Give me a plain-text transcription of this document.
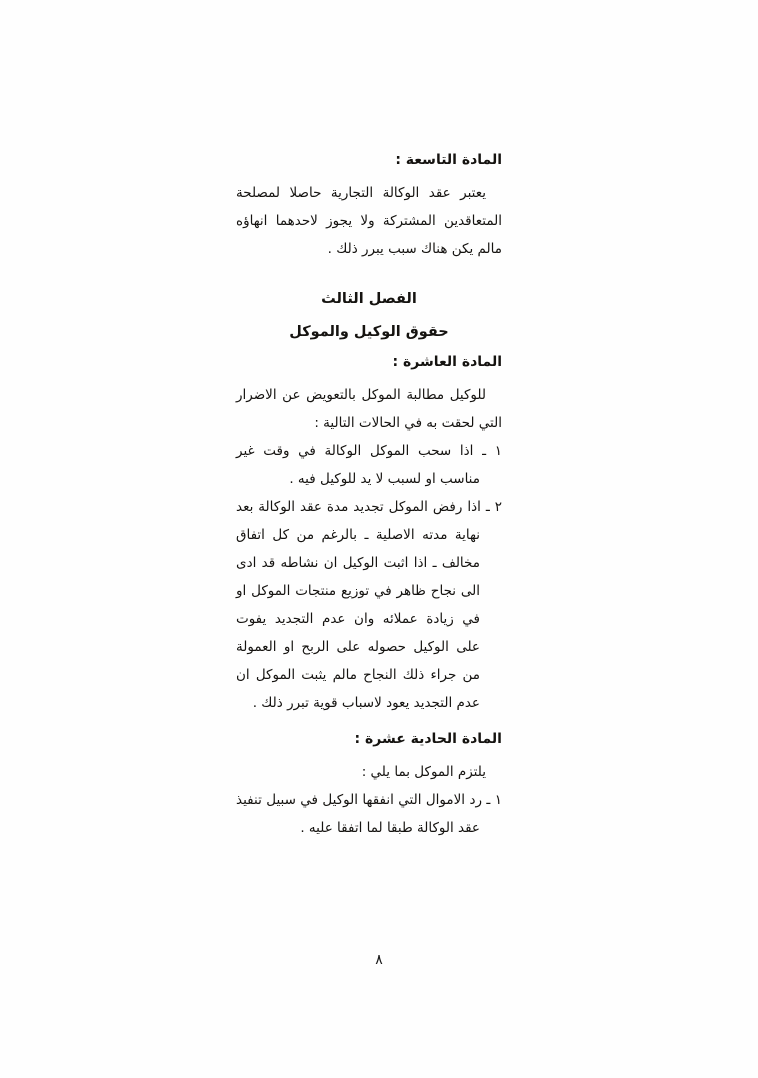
المادة التاسعة :

يعتبر عقد الوكالة التجارية حاصلا لمصلحة المتعاقدين المشتركة ولا يجوز لاحدهما انهاؤه مالم يكن هناك سبب يبرر ذلك .

الفصل الثالث
حقوق الوكيل والموكل
المادة العاشرة :

للوكيل مطالبة الموكل بالتعويض عن الاضرار التي لحقت به في الحالات التالية :

١ ـ اذا سحب الموكل الوكالة في وقت غير مناسب او لسبب لا يد للوكيل فيه .

٢ ـ اذا رفض الموكل تجديد مدة عقد الوكالة بعد نهاية مدته الاصلية ـ بالرغم من كل اتفاق مخالف ـ اذا اثبت الوكيل ان نشاطه قد ادى الى نجاح ظاهر في توزيع منتجات الموكل او في زيادة عملائه وان عدم التجديد يفوت على الوكيل حصوله على الربح او العمولة من جراء ذلك النجاح مالم يثبت الموكل ان عدم التجديد يعود لاسباب قوية تبرر ذلك .

المادة الحادية عشرة :

يلتزم الموكل بما يلي :

١ ـ رد الاموال التي انفقها الوكيل في سبيل تنفيذ عقد الوكالة طبقا لما اتفقا عليه .

٨
